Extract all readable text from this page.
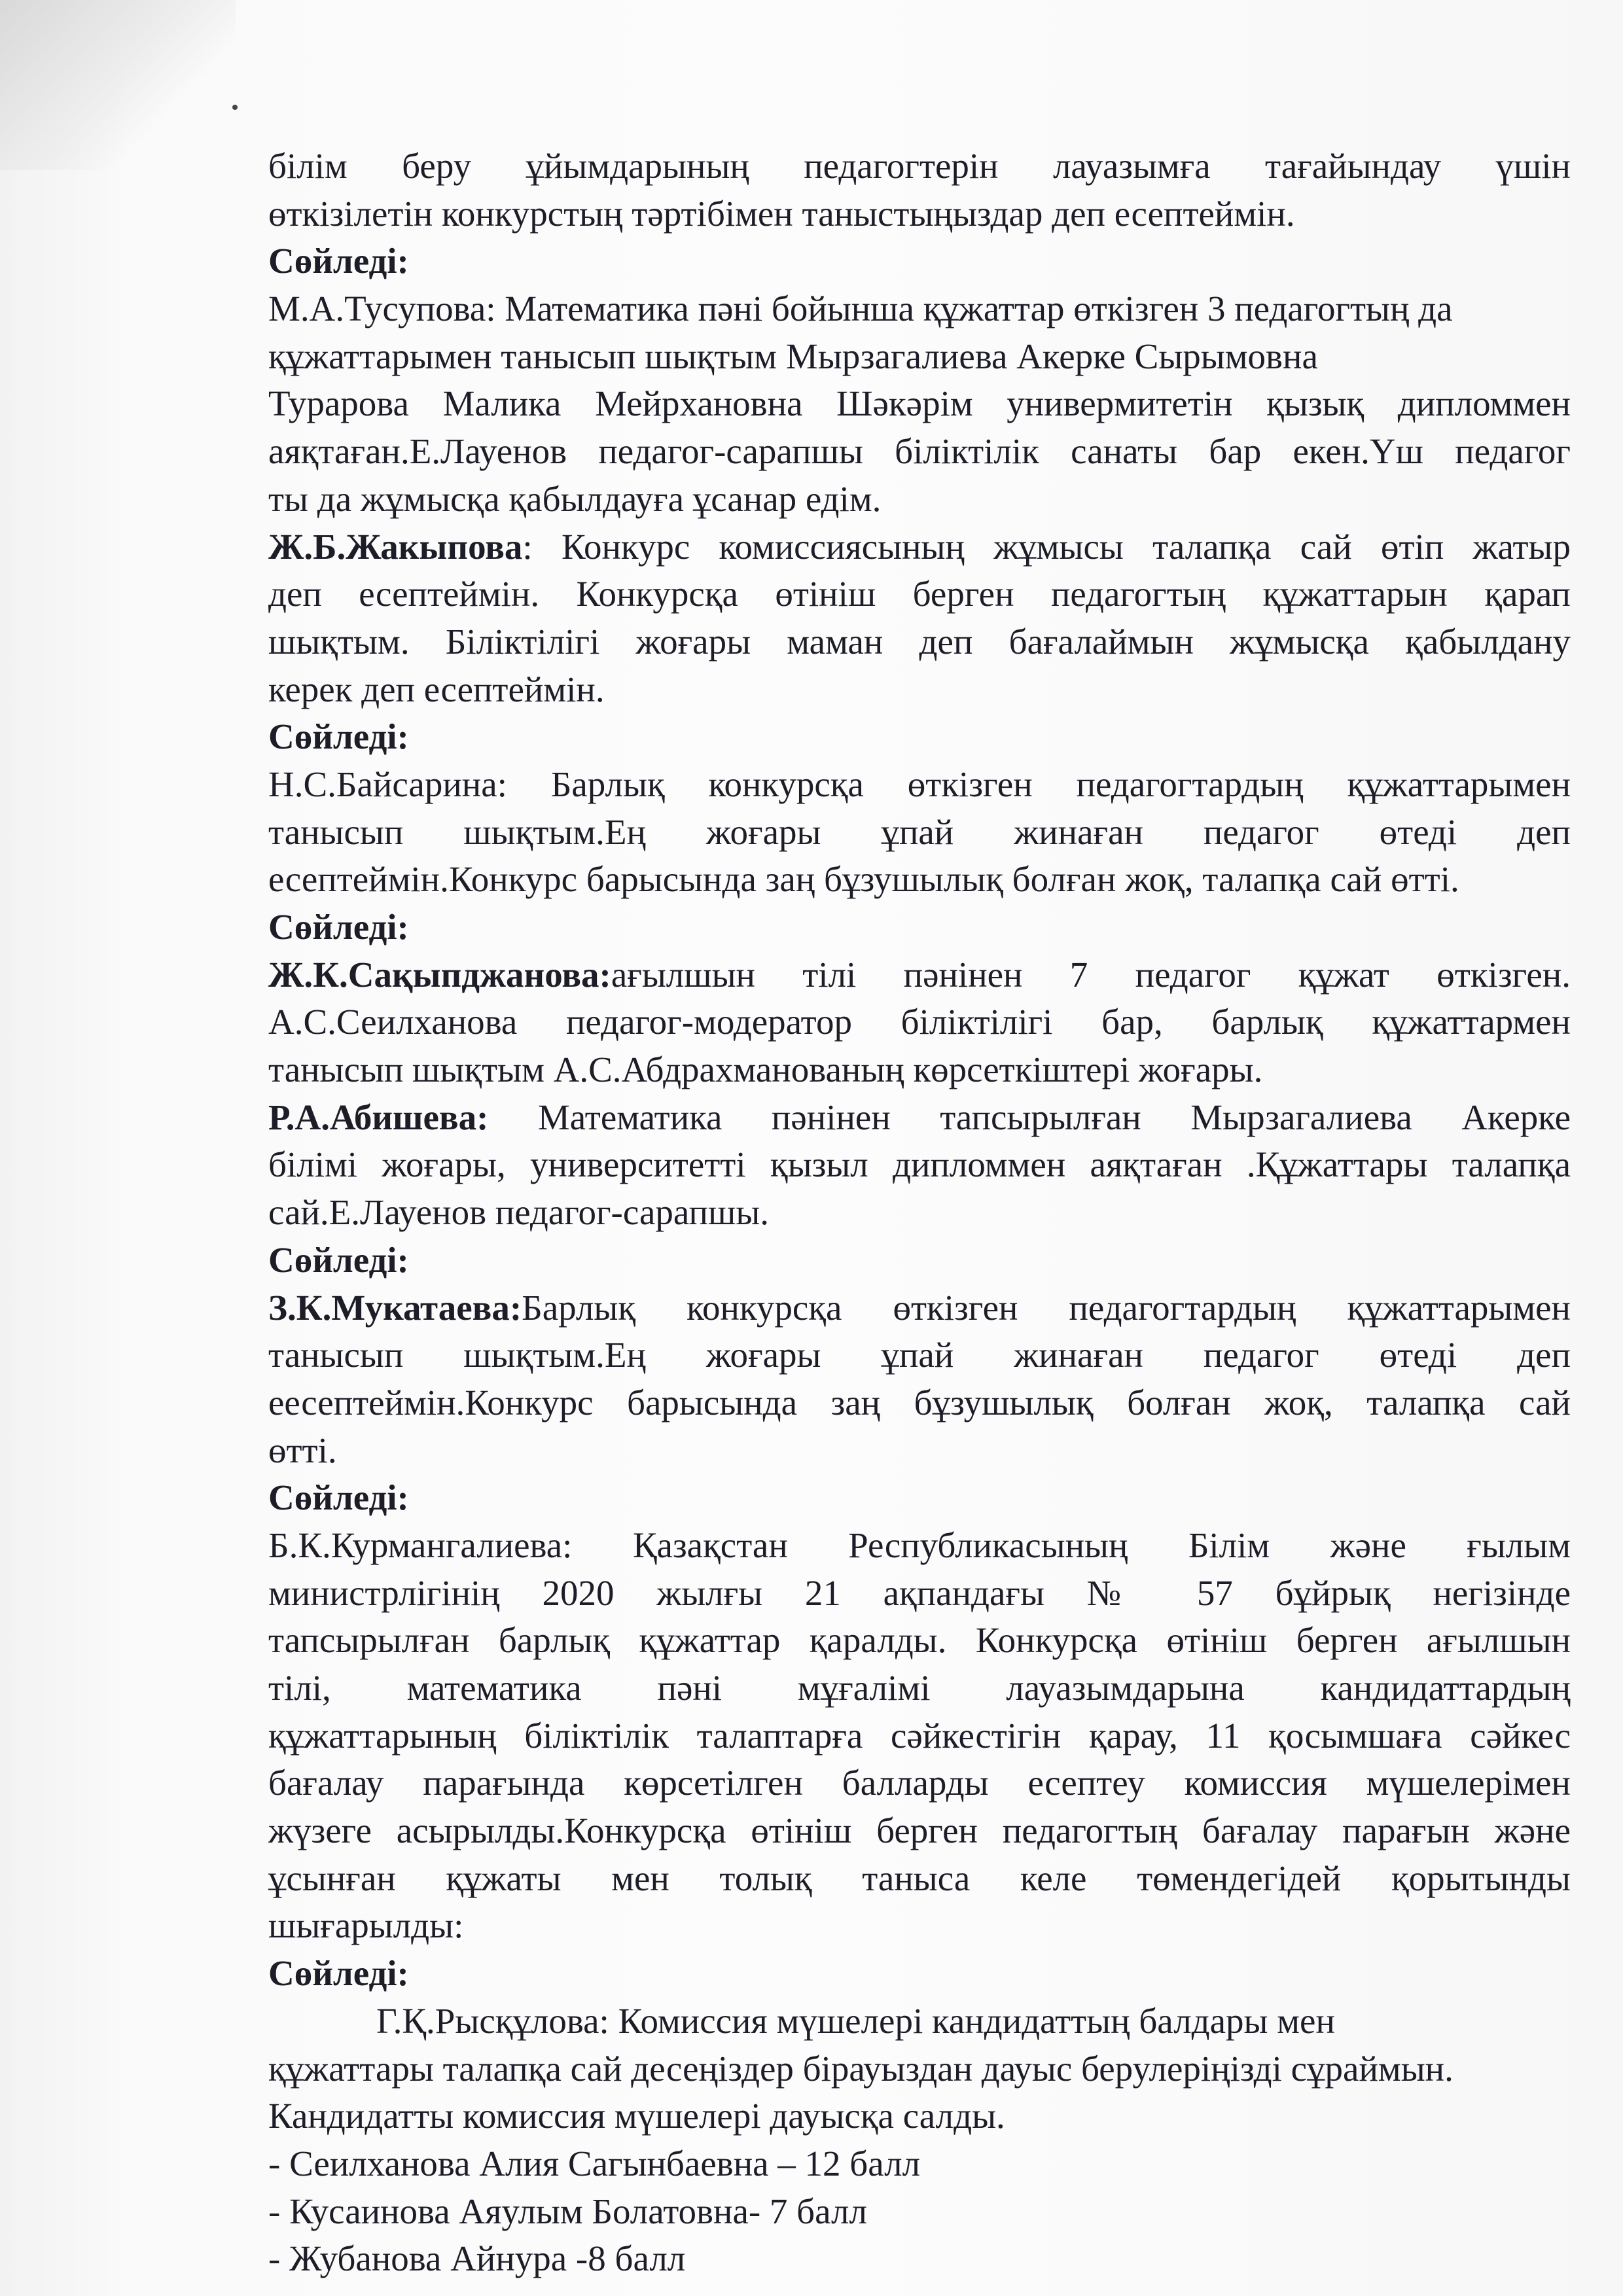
білім беру ұйымдарының педагогтерін лауазымға тағайындау үшін
өткізілетін конкурстың тәртібімен таныстыңыздар деп есептеймін.
Сөйледі:
М.А.Тусупова: Математика пәні бойынша құжаттар өткізген 3 педагогтың да
құжаттарымен танысып шықтым Мырзагалиева Акерке Сырымовна
Турарова Малика Мейрхановна Шәкәрім унивеpмитетін қызық дипломмен
аяқтаған.Е.Лауенов педагог-сарапшы біліктілік санаты бар екен.Үш педагог
ты да жұмысқа қабылдауға ұсанар едім.
Ж.Б.Жакыпова: Конкурс комиссиясының жұмысы талапқа сай өтіп жатыр
деп есептеймін. Конкурсқа өтініш берген педагогтың құжаттарын қарап
шықтым. Біліктілігі жоғары маман деп бағалаймын жұмысқа қабылдану
керек деп есептеймін.
Сөйледі:
Н.С.Байсарина: Барлық конкурсқа өткізген педагогтардың құжаттарымен
танысып шықтым.Ең жоғары ұпай жинаған педагог өтеді деп
есептеймін.Конкурс барысында заң бұзушылық болған жоқ, талапқа сай өтті.
Сөйледі:
Ж.К.Сақыпджанова:ағылшын тілі пәнінен 7 педагог құжат өткізген.
А.С.Сеилханова педагог-модератор біліктілігі бар, барлық құжаттармен
танысып шықтым А.С.Абдрахманованың көрсеткіштері жоғары.
Р.А.Абишева: Математика пәнінен тапсырылған Мырзагалиева Акерке
білімі жоғары, университетті қызыл дипломмен аяқтаған .Құжаттары талапқа
сай.Е.Лауенов педагог-сарапшы.
Сөйледі:
З.К.Мукатаева:Барлық конкурсқа өткізген педагогтардың құжаттарымен
танысып шықтым.Ең жоғары ұпай жинаған педагог өтеді деп
еесептеймін.Конкурс барысында заң бұзушылық болған жоқ, талапқа сай
өтті.
Сөйледі:
Б.К.Курмангалиева: Қазақстан Республикасының Білім және ғылым
министрлігінің 2020 жылғы 21 ақпандағы № 57 бұйрық негізінде
тапсырылған барлық құжаттар қаралды. Конкурсқа өтініш берген ағылшын
тілі, математика пәні мұғалімі лауазымдарына кандидаттардың
құжаттарының біліктілік талаптарға сәйкестігін қарау, 11 қосымшаға сәйкес
бағалау парағында көрсетілген балларды есептеу комиссия мүшелерімен
жүзеге асырылды.Конкурсқа өтініш берген педагогтың бағалау парағын және
ұсынған құжаты мен толық таныса келе төмендегідей қорытынды
шығарылды:
Сөйледі:
Г.Қ.Рысқұлова: Комиссия мүшелері кандидаттың балдары мен
құжаттары талапқа сай десеңіздер бірауыздан дауыс берулеріңізді сұраймын.
Кандидатты комиссия мүшелері дауысқа салды.
- Сеилханова Алия Сагынбаевна – 12 балл
- Кусаинова Аяулым Болатовна- 7 балл
- Жубанова Айнура -8 балл
